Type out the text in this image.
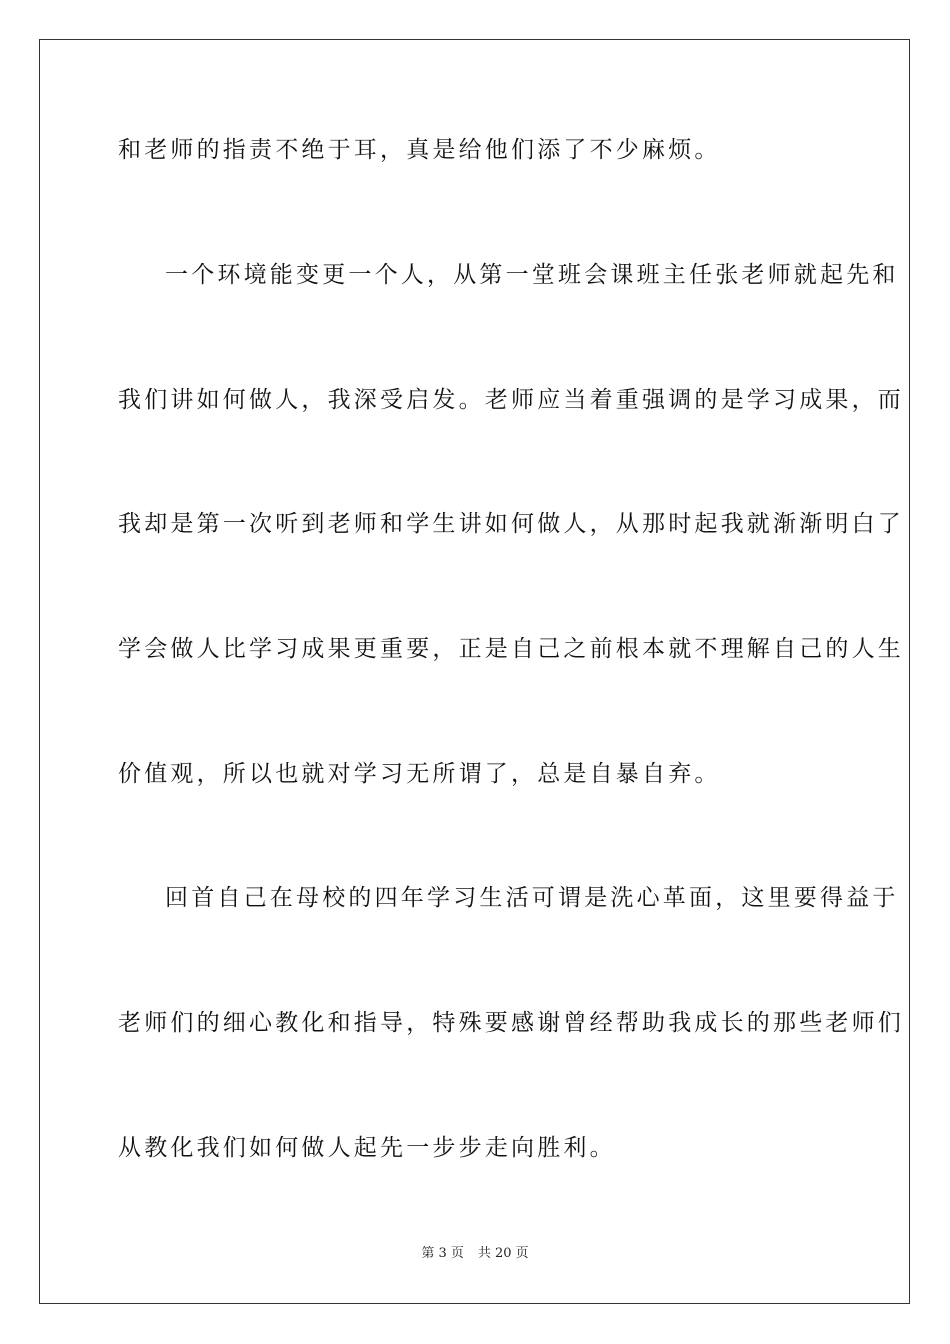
和老师的指责不绝于耳，真是给他们添了不少麻烦。
一个环境能变更一个人，从第一堂班会课班主任张老师就起先和
我们讲如何做人，我深受启发。老师应当着重强调的是学习成果，而
我却是第一次听到老师和学生讲如何做人，从那时起我就渐渐明白了
学会做人比学习成果更重要，正是自己之前根本就不理解自己的人生
价值观，所以也就对学习无所谓了，总是自暴自弃。
回首自己在母校的四年学习生活可谓是洗心革面，这里要得益于
老师们的细心教化和指导，特殊要感谢曾经帮助我成长的那些老师们
从教化我们如何做人起先一步步走向胜利。
第 3 页 共 20 页
